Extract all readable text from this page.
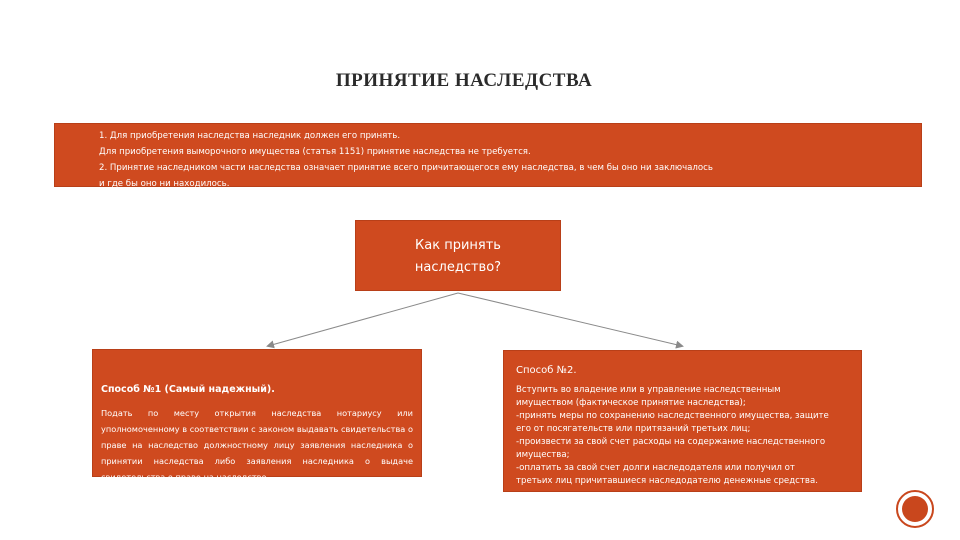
ПРИНЯТИЕ НАСЛЕДСТВА
1. Для приобретения наследства наследник должен его принять.
Для приобретения выморочного имущества (статья 1151) принятие наследства не требуется.
2. Принятие наследником части наследства означает принятие всего причитающегося ему наследства, в чем бы оно ни заключалось
и где бы оно ни находилось.
Как принять
наследство?
Способ №1 (Самый надежный).
Подать по месту открытия наследства нотариусу или уполномоченному в соответствии с законом выдавать свидетельства о праве на наследство должностному лицу заявления наследника о принятии наследства либо заявления наследника о выдаче свидетельства о праве на наследство.
Способ №2.
Вступить во владение или в управление наследственным
имуществом (фактическое принятие наследства);
-принять меры по сохранению наследственного имущества, защите
его от посягательств или притязаний третьих лиц;
-произвести за свой счет расходы на содержание наследственного
имущества;
-оплатить за свой счет долги наследодателя или получил от
третьих лиц причитавшиеся наследодателю денежные средства.
